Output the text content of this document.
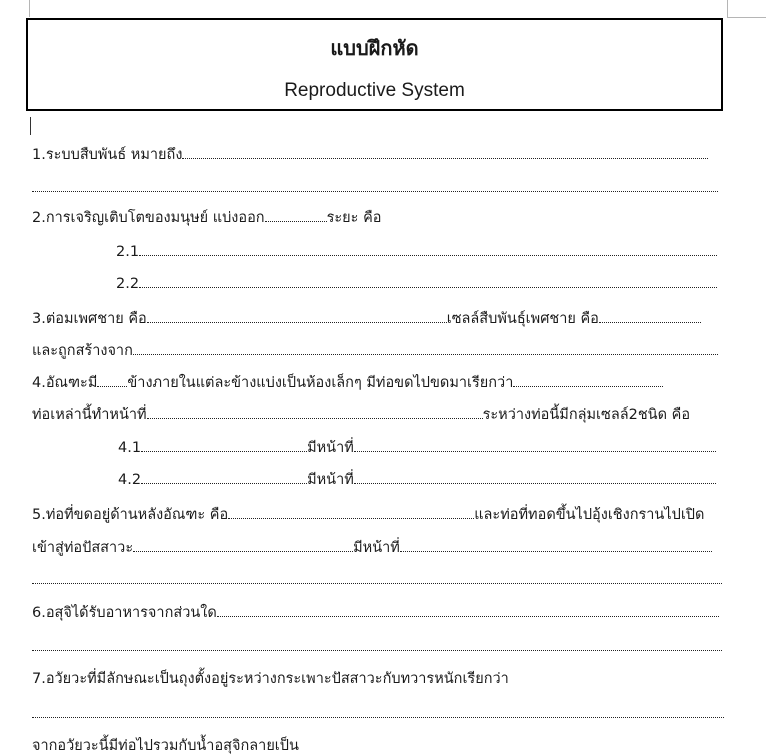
แบบฝึกหัด
Reproductive System
1.ระบบสืบพันธ์ หมายถึง
2.การเจริญเติบโตของมนุษย์ แบ่งออก	ระยะ คือ
2.1
2.2
3.ต่อมเพศชาย คือ	เซลล์สืบพันธุ์เพศชาย คือ
และถูกสร้างจาก
4.อัณฑะมี ข้างภายในแต่ละข้างแบ่งเป็นห้องเล็กๆ มีท่อขดไปขดมาเรียกว่า
ท่อเหล่านี้ทำหน้าที่	ระหว่างท่อนี้มีกลุ่มเซลล์2ชนิด คือ
4.1	มีหน้าที่
4.2	มีหน้าที่
5.ท่อที่ขดอยู่ด้านหลังอัณฑะ คือ	และท่อที่ทอดขึ้นไปอุ้งเชิงกรานไปเปิด
เข้าสู่ท่อปัสสาวะ	มีหน้าที่
6.อสุจิได้รับอาหารจากส่วนใด
7.อวัยวะที่มีลักษณะเป็นถุงตั้งอยู่ระหว่างกระเพาะปัสสาวะกับทวารหนักเรียกว่า
จากอวัยวะนี้มีท่อไปรวมกับน้ำอสุจิกลายเป็น
